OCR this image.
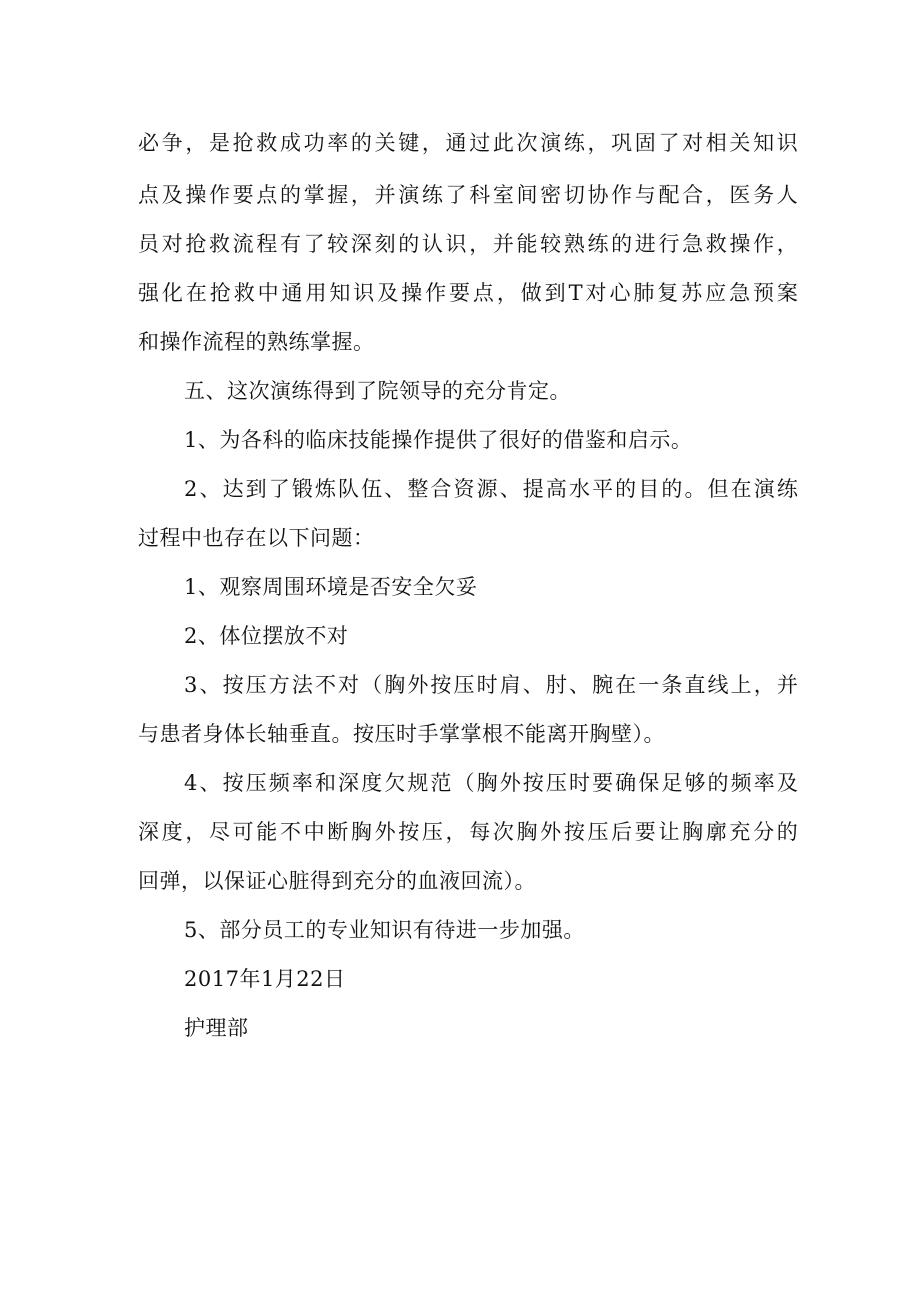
必 争 ， 是 抢 救 成 功 率 的 关 键 ， 通 过 此 次 演 练 ， 巩 固 了 对 相 关 知 识
点 及 操 作 要 点 的 掌 握 ， 并 演 练 了 科 室 间 密 切 协 作 与 配 合 ， 医 务 人
员 对 抢 救 流 程 有 了 较 深 刻 的 认 识 ， 并 能 较 熟 练 的 进 行 急 救 操 作 ，
强 化 在 抢 救 中 通 用 知 识 及 操 作 要 点 ， 做 到 T 对 心 肺 复 苏 应 急 预 案
和操作流程的熟练掌握。
五、这次演练得到了院领导的充分肯定。
1、为各科的临床技能操作提供了很好的借鉴和启示。
2 、 达 到 了 锻 炼 队 伍 、 整 合 资 源 、 提 高 水 平 的 目 的 。 但 在 演 练
过程中也存在以下问题：
1、观察周围环境是否安全欠妥
2、体位摆放不对
3 、 按 压 方 法 不 对 （ 胸 外 按 压 时 肩 、 肘 、 腕 在 一 条 直 线 上 ， 并
与患者身体长轴垂直。按压时手掌掌根不能离开胸壁）。
4 、 按 压 频 率 和 深 度 欠 规 范 （ 胸 外 按 压 时 要 确 保 足 够 的 频 率 及
深 度 ， 尽 可 能 不 中 断 胸 外 按 压 ， 每 次 胸 外 按 压 后 要 让 胸 廓 充 分 的
回弹，以保证心脏得到充分的血液回流）。
5、部分员工的专业知识有待进一步加强。
2017年1月22日
护理部
